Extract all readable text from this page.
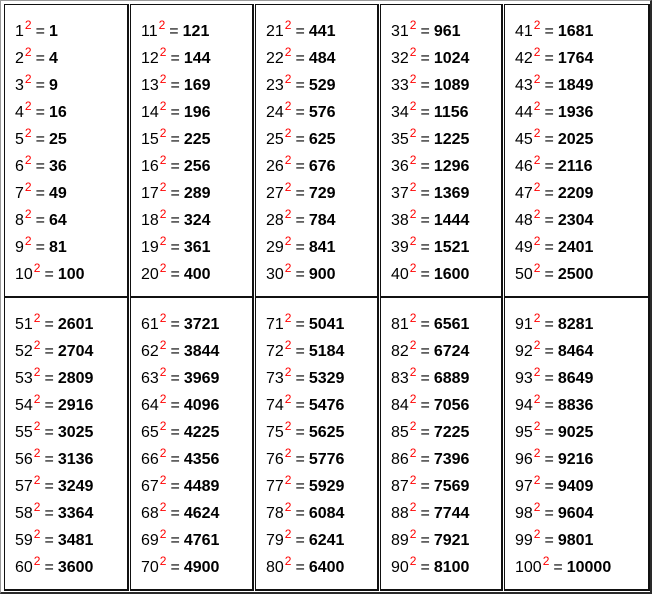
$1^2 = 1$
$2^2 = 4$
$3^2 = 9$
$4^2 = 16$
$5^2 = 25$
$6^2 = 36$
$7^2 = 49$
$8^2 = 64$
$9^2 = 81$
$10^2 = 100$
$11^2 = 121$
$12^2 = 144$
$13^2 = 169$
$14^2 = 196$
$15^2 = 225$
$16^2 = 256$
$17^2 = 289$
$18^2 = 324$
$19^2 = 361$
$20^2 = 400$
$21^2 = 441$
$22^2 = 484$
$23^2 = 529$
$24^2 = 576$
$25^2 = 625$
$26^2 = 676$
$27^2 = 729$
$28^2 = 784$
$29^2 = 841$
$30^2 = 900$
$31^2 = 961$
$32^2 = 1024$
$33^2 = 1089$
$34^2 = 1156$
$35^2 = 1225$
$36^2 = 1296$
$37^2 = 1369$
$38^2 = 1444$
$39^2 = 1521$
$40^2 = 1600$
$41^2 = 1681$
$42^2 = 1764$
$43^2 = 1849$
$44^2 = 1936$
$45^2 = 2025$
$46^2 = 2116$
$47^2 = 2209$
$48^2 = 2304$
$49^2 = 2401$
$50^2 = 2500$
$51^2 = 2601$
$52^2 = 2704$
$53^2 = 2809$
$54^2 = 2916$
$55^2 = 3025$
$56^2 = 3136$
$57^2 = 3249$
$58^2 = 3364$
$59^2 = 3481$
$60^2 = 3600$
$61^2 = 3721$
$62^2 = 3844$
$63^2 = 3969$
$64^2 = 4096$
$65^2 = 4225$
$66^2 = 4356$
$67^2 = 4489$
$68^2 = 4624$
$69^2 = 4761$
$70^2 = 4900$
$71^2 = 5041$
$72^2 = 5184$
$73^2 = 5329$
$74^2 = 5476$
$75^2 = 5625$
$76^2 = 5776$
$77^2 = 5929$
$78^2 = 6084$
$79^2 = 6241$
$80^2 = 6400$
$81^2 = 6561$
$82^2 = 6724$
$83^2 = 6889$
$84^2 = 7056$
$85^2 = 7225$
$86^2 = 7396$
$87^2 = 7569$
$88^2 = 7744$
$89^2 = 7921$
$90^2 = 8100$
$91^2 = 8281$
$92^2 = 8464$
$93^2 = 8649$
$94^2 = 8836$
$95^2 = 9025$
$96^2 = 9216$
$97^2 = 9409$
$98^2 = 9604$
$99^2 = 9801$
$100^2 = 10000$
